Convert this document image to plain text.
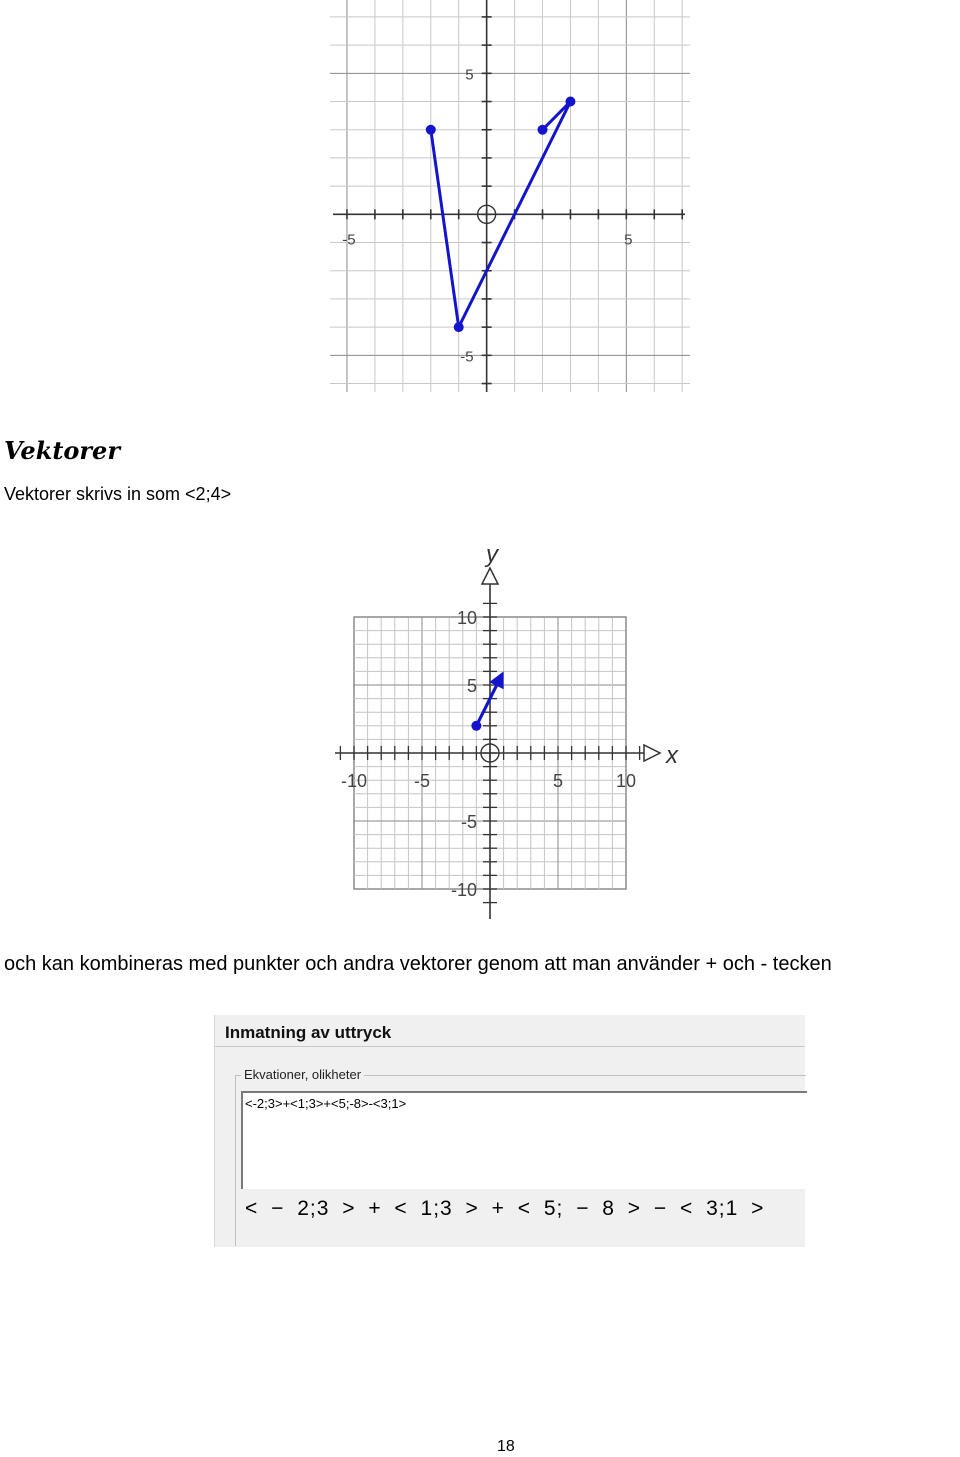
-5	5
5
-5
Vektorer
Vektorer skrivs in som <2;4>
-10	-5	5	10
10
5
-5
-10
x
y
och kan kombineras med punkter och andra vektorer genom att man använder + och - tecken
Inmatning av uttryck
Ekvationer, olikheter
<-2;3>+<1;3>+<5;-8>-<3;1>
< − 2;3 > + < 1;3 > + < 5; − 8 > − < 3;1 >
18
